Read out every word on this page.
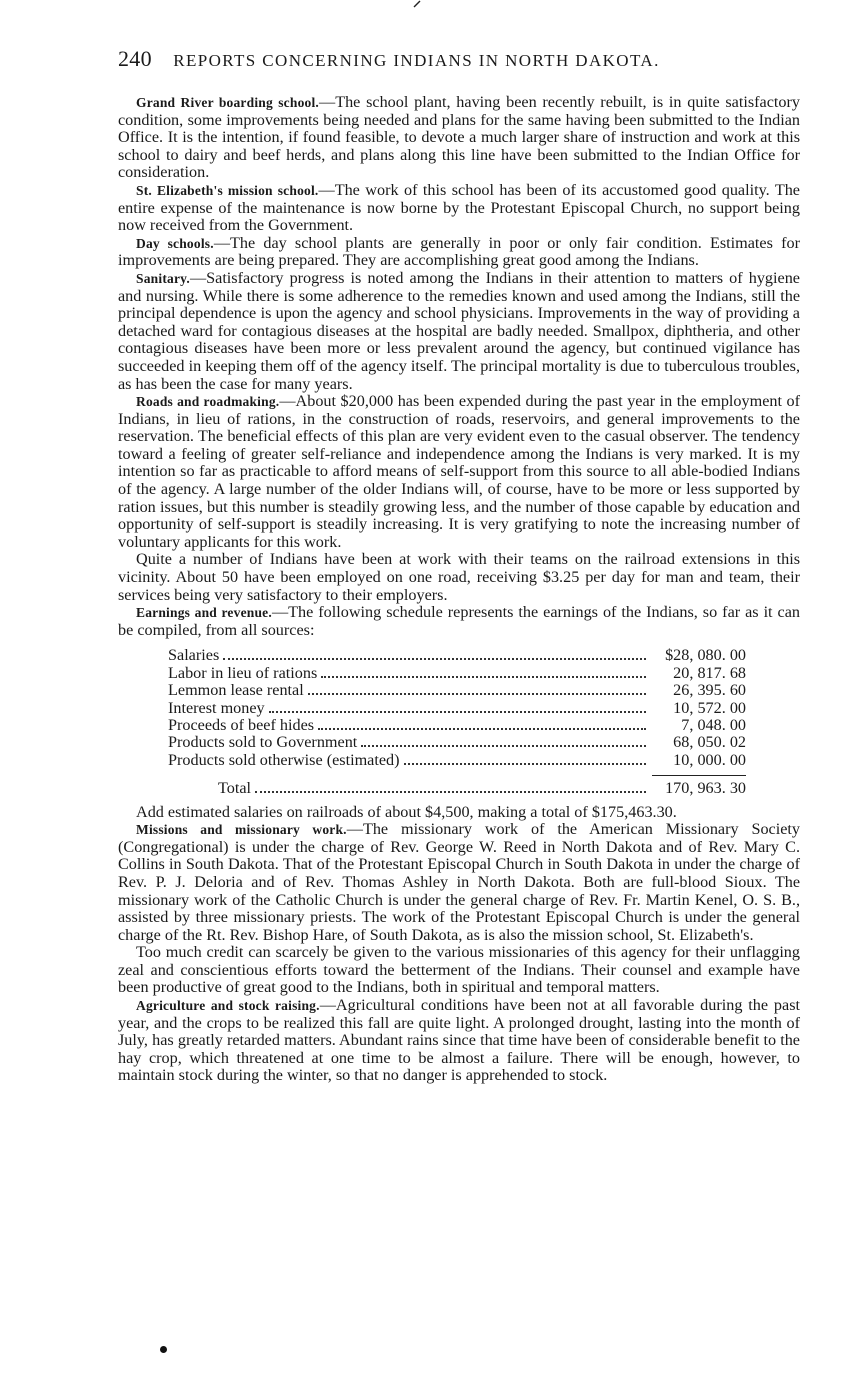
240 REPORTS CONCERNING INDIANS IN NORTH DAKOTA.

Grand River boarding school.—The school plant, having been recently rebuilt, is in quite satisfactory condition, some improvements being needed and plans for the same having been submitted to the Indian Office. It is the intention, if found feasible, to devote a much larger share of instruction and work at this school to dairy and beef herds, and plans along this line have been submitted to the Indian Office for consideration.

St. Elizabeth's mission school.—The work of this school has been of its accustomed good quality. The entire expense of the maintenance is now borne by the Protestant Episcopal Church, no support being now received from the Government.

Day schools.—The day school plants are generally in poor or only fair condition. Estimates for improvements are being prepared. They are accomplishing great good among the Indians.

Sanitary.—Satisfactory progress is noted among the Indians in their attention to matters of hygiene and nursing. While there is some adherence to the remedies known and used among the Indians, still the principal dependence is upon the agency and school physicians. Improvements in the way of providing a detached ward for contagious diseases at the hospital are badly needed. Smallpox, diphtheria, and other contagious diseases have been more or less prevalent around the agency, but continued vigilance has succeeded in keeping them off of the agency itself. The principal mortality is due to tuberculous troubles, as has been the case for many years.

Roads and roadmaking.—About $20,000 has been expended during the past year in the employment of Indians, in lieu of rations, in the construction of roads, reservoirs, and general improvements to the reservation. The beneficial effects of this plan are very evident even to the casual observer. The tendency toward a feeling of greater self-reliance and independence among the Indians is very marked. It is my intention so far as practicable to afford means of self-support from this source to all able-bodied Indians of the agency. A large number of the older Indians will, of course, have to be more or less supported by ration issues, but this number is steadily growing less, and the number of those capable by education and opportunity of self-support is steadily increasing. It is very gratifying to note the increasing number of voluntary applicants for this work.

Quite a number of Indians have been at work with their teams on the railroad extensions in this vicinity. About 50 have been employed on one road, receiving $3.25 per day for man and team, their services being very satisfactory to their employers.

Earnings and revenue.—The following schedule represents the earnings of the Indians, so far as it can be compiled, from all sources:

Salaries	$28, 080. 00
Labor in lieu of rations	20, 817. 68
Lemmon lease rental	26, 395. 60
Interest money	10, 572. 00
Proceeds of beef hides	7, 048. 00
Products sold to Government	68, 050. 02
Products sold otherwise (estimated)	10, 000. 00
Total	170, 963. 30

Add estimated salaries on railroads of about $4,500, making a total of $175,463.30.

Missions and missionary work.—The missionary work of the American Missionary Society (Congregational) is under the charge of Rev. George W. Reed in North Dakota and of Rev. Mary C. Collins in South Dakota. That of the Protestant Episcopal Church in South Dakota in under the charge of Rev. P. J. Deloria and of Rev. Thomas Ashley in North Dakota. Both are full-blood Sioux. The missionary work of the Catholic Church is under the general charge of Rev. Fr. Martin Kenel, O. S. B., assisted by three missionary priests. The work of the Protestant Episcopal Church is under the general charge of the Rt. Rev. Bishop Hare, of South Dakota, as is also the mission school, St. Elizabeth's.

Too much credit can scarcely be given to the various missionaries of this agency for their unflagging zeal and conscientious efforts toward the betterment of the Indians. Their counsel and example have been productive of great good to the Indians, both in spiritual and temporal matters.

Agriculture and stock raising.—Agricultural conditions have been not at all favorable during the past year, and the crops to be realized this fall are quite light. A prolonged drought, lasting into the month of July, has greatly retarded matters. Abundant rains since that time have been of considerable benefit to the hay crop, which threatened at one time to be almost a failure. There will be enough, however, to maintain stock during the winter, so that no danger is apprehended to stock.
